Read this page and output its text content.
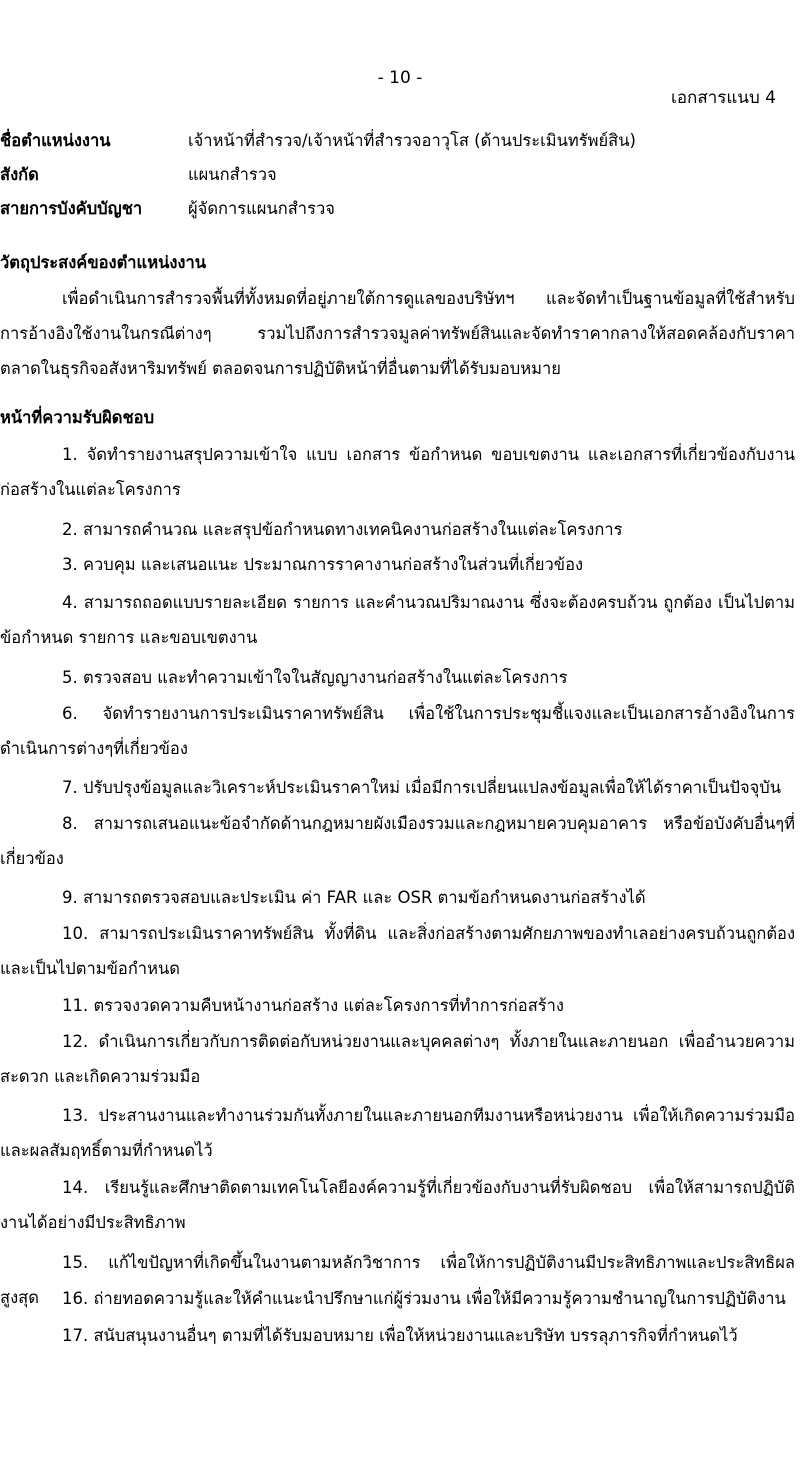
- 10 -
เอกสารแนบ 4
ชื่อตำแหน่งงาน	เจ้าหน้าที่สำรวจ/เจ้าหน้าที่สำรวจอาวุโส (ด้านประเมินทรัพย์สิน)
สังกัด	แผนกสำรวจ
สายการบังคับบัญชา	ผู้จัดการแผนกสำรวจ
วัตถุประสงค์ของตำแหน่งงาน

เพื่อดำเนินการสำรวจพื้นที่ทั้งหมดที่อยู่ภายใต้การดูแลของบริษัทฯ และจัดทำเป็นฐานข้อมูลที่ใช้สำหรับการอ้างอิงใช้งานในกรณีต่างๆ รวมไปถึงการสำรวจมูลค่าทรัพย์สินและจัดทำราคากลางให้สอดคล้องกับราคาตลาดในธุรกิจอสังหาริมทรัพย์ ตลอดจนการปฏิบัติหน้าที่อื่นตามที่ได้รับมอบหมาย

หน้าที่ความรับผิดชอบ

1. จัดทำรายงานสรุปความเข้าใจ แบบ เอกสาร ข้อกำหนด ขอบเขตงาน และเอกสารที่เกี่ยวข้องกับงานก่อสร้างในแต่ละโครงการ

2. สามารถคำนวณ และสรุปข้อกำหนดทางเทคนิคงานก่อสร้างในแต่ละโครงการ

3. ควบคุม และเสนอแนะ ประมาณการราคางานก่อสร้างในส่วนที่เกี่ยวข้อง

4. สามารถถอดแบบรายละเอียด รายการ และคำนวณปริมาณงาน ซึ่งจะต้องครบถ้วน ถูกต้อง เป็นไปตามข้อกำหนด รายการ และขอบเขตงาน

5. ตรวจสอบ และทำความเข้าใจในสัญญางานก่อสร้างในแต่ละโครงการ

6. จัดทำรายงานการประเมินราคาทรัพย์สิน เพื่อใช้ในการประชุมชี้แจงและเป็นเอกสารอ้างอิงในการดำเนินการต่างๆที่เกี่ยวข้อง

7. ปรับปรุงข้อมูลและวิเคราะห์ประเมินราคาใหม่ เมื่อมีการเปลี่ยนแปลงข้อมูลเพื่อให้ได้ราคาเป็นปัจจุบัน

8. สามารถเสนอแนะข้อจำกัดด้านกฎหมายผังเมืองรวมและกฎหมายควบคุมอาคาร หรือข้อบังคับอื่นๆที่เกี่ยวข้อง

9. สามารถตรวจสอบและประเมิน ค่า FAR และ OSR ตามข้อกำหนดงานก่อสร้างได้

10. สามารถประเมินราคาทรัพย์สิน ทั้งที่ดิน และสิ่งก่อสร้างตามศักยภาพของทำเลอย่างครบถ้วนถูกต้อง และเป็นไปตามข้อกำหนด

11. ตรวจงวดความคืบหน้างานก่อสร้าง แต่ละโครงการที่ทำการก่อสร้าง

12. ดำเนินการเกี่ยวกับการติดต่อกับหน่วยงานและบุคคลต่างๆ ทั้งภายในและภายนอก เพื่ออำนวยความสะดวก และเกิดความร่วมมือ

13. ประสานงานและทำงานร่วมกันทั้งภายในและภายนอกทีมงานหรือหน่วยงาน เพื่อให้เกิดความร่วมมือและผลสัมฤทธิ์ตามที่กำหนดไว้

14. เรียนรู้และศึกษาติดตามเทคโนโลยีองค์ความรู้ที่เกี่ยวข้องกับงานที่รับผิดชอบ เพื่อให้สามารถปฏิบัติงานได้อย่างมีประสิทธิภาพ

15. แก้ไขปัญหาที่เกิดขึ้นในงานตามหลักวิชาการ เพื่อให้การปฏิบัติงานมีประสิทธิภาพและประสิทธิผลสูงสุด	16. ถ่ายทอดความรู้และให้คำแนะนำปรึกษาแก่ผู้ร่วมงาน เพื่อให้มีความรู้ความชำนาญในการปฏิบัติงาน

17. สนับสนุนงานอื่นๆ ตามที่ได้รับมอบหมาย เพื่อให้หน่วยงานและบริษัท บรรลุภารกิจที่กำหนดไว้
